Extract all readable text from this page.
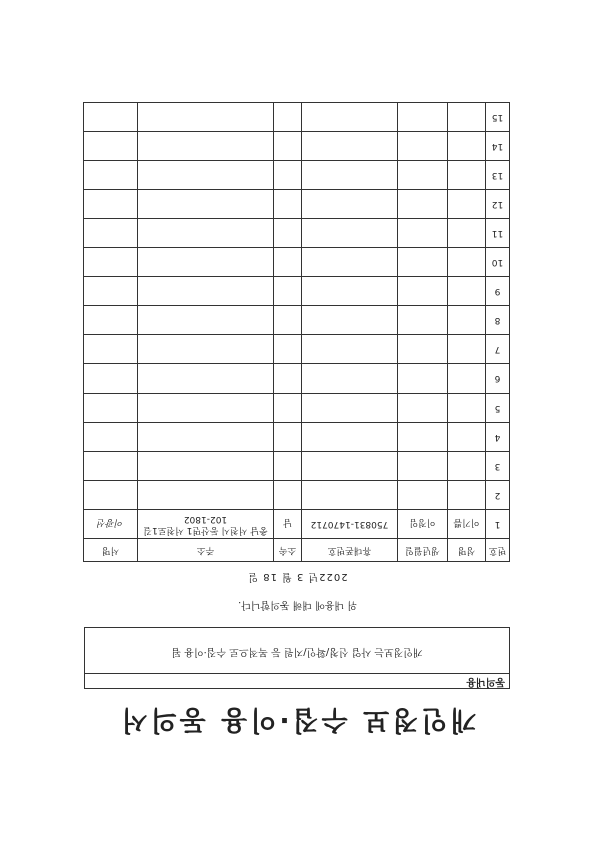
개인정보 수집·이용 동의서
동의내용
개인정보는 사업 신청/확인/지원 등 목적으로 수집·이용 됨
위 내용에 대해 동의합니다.
2022년 3 월 18 일
번호	성명	생년월일	휴대폰번호	소속	주소	서명
1	이기쁨	이정임	750831-1470712	남	충남 서천시 동산면1 서천로1길 102-1802	이광선
2						
3						
4						
5						
6						
7						
8						
9						
10						
11						
12						
13						
14						
15						
